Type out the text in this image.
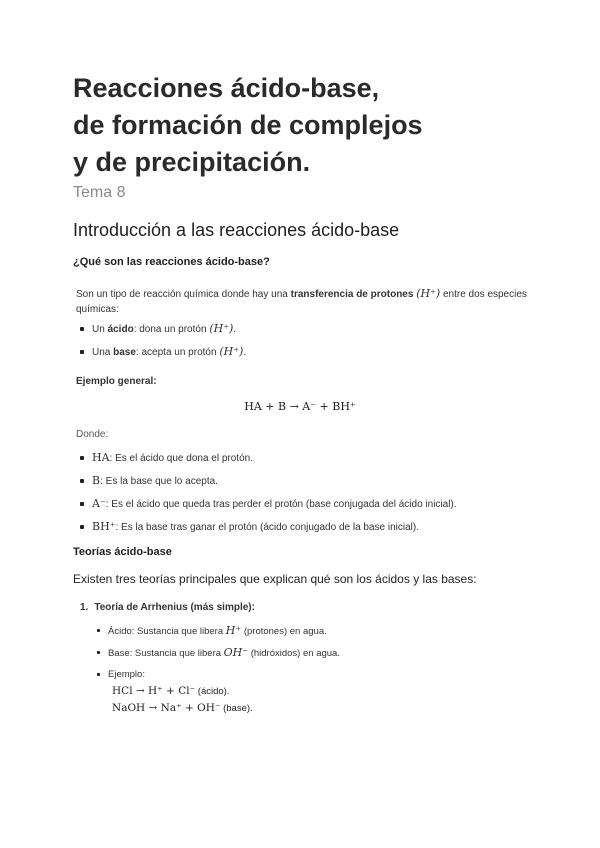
Reacciones ácido-base,
de formación de complejos
y de precipitación.
Tema 8
Introducción a las reacciones ácido-base
¿Qué son las reacciones ácido-base?
Son un tipo de reacción química donde hay una transferencia de protones (H⁺) entre dos especies químicas:
Un ácido: dona un protón (H⁺).
Una base: acepta un protón (H⁺).
Ejemplo general:
HA + B → A⁻ + BH⁺
Donde:
HA: Es el ácido que dona el protón.
B: Es la base que lo acepta.
A⁻: Es el ácido que queda tras perder el protón (base conjugada del ácido inicial).
BH⁺: Es la base tras ganar el protón (ácido conjugado de la base inicial).
Teorías ácido-base
Existen tres teorías principales que explican qué son los ácidos y las bases:
1. Teoría de Arrhenius (más simple):
Ácido: Sustancia que libera H⁺ (protones) en agua.
Base: Sustancia que libera OH⁻ (hidróxidos) en agua.
Ejemplo:
HCl → H⁺ + Cl⁻ (ácido).
NaOH → Na⁺ + OH⁻ (base).
